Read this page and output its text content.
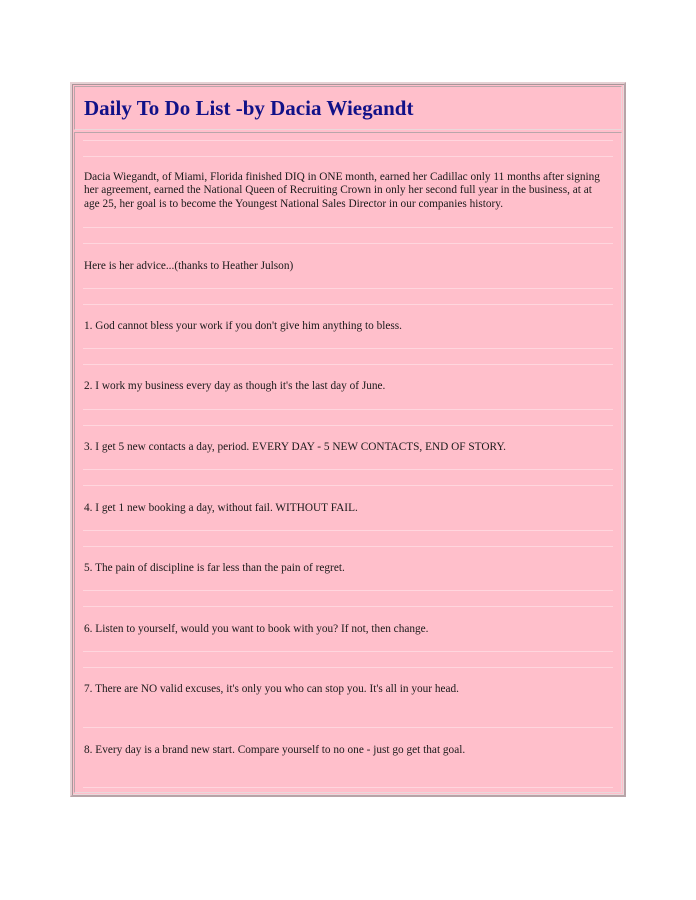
Daily To Do List -by Dacia Wiegandt

Dacia Wiegandt, of Miami, Florida finished DIQ in ONE month, earned her Cadillac only 11 months after signing her agreement, earned the National Queen of Recruiting Crown in only her second full year in the business, at at age 25, her goal is to become the Youngest National Sales Director in our companies history.

Here is her advice...(thanks to Heather Julson)

1. God cannot bless your work if you don't give him anything to bless.

2. I work my business every day as though it's the last day of June.

3. I get 5 new contacts a day, period. EVERY DAY - 5 NEW CONTACTS, END OF STORY.

4. I get 1 new booking a day, without fail. WITHOUT FAIL.

5. The pain of discipline is far less than the pain of regret.

6. Listen to yourself, would you want to book with you? If not, then change.

7. There are NO valid excuses, it's only you who can stop you. It's all in your head.

8. Every day is a brand new start. Compare yourself to no one - just go get that goal.
